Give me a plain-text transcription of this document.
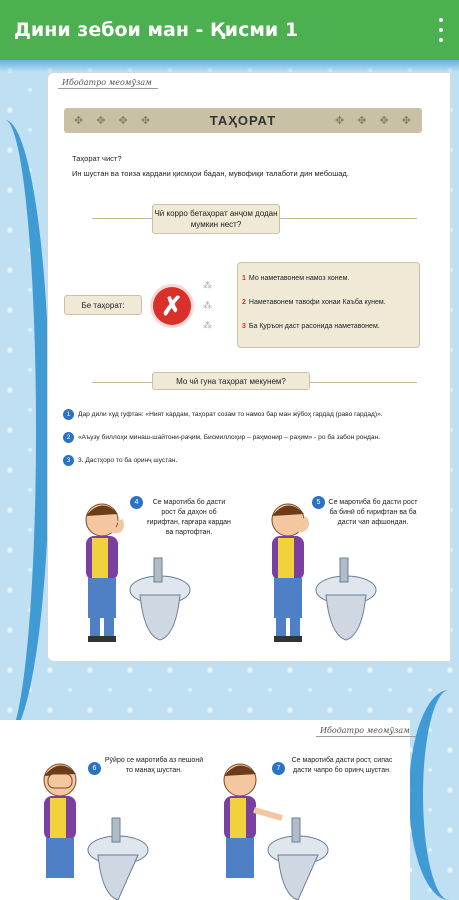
Дини зебои ман - Қисми 1
Ибодатро меомӯзам
✥ ✥ ✥ ✥	ТАҲОРАТ	✥ ✥ ✥ ✥
Таҳорат чист?
Ин шустан ва тоиза кардани қисмҳои бадан, мувофиқи талаботи дин мебошад.
Чӣ корро бетаҳорат анҷом додан мумкин нест?
Бе таҳорат:	✗
⁂
⁂
⁂
1 Мо наметавонем намоз хонем.
2 Наметавонем тавофи хонаи Каъба кунем.
3 Ба Қуръон даст расонида наметавонем.
Мо чӣ гуна таҳорат мекунем?
1	Дар дили худ гуфтан: «Ният кардам, таҳорат созам то намоз бар ман жӯбоҳ гардад (раво гардад)».
2	«Аъузу биллоҳи минаш-шайтони-раҷим, Бисмиллоҳир – раҳмонир – раҳим» - ро ба забон рондан.
3	3. Дастҳоро то ба оринҷ шустан.
4	Се маротиба бо дасти рост ба даҳон об ғирифтан, ғарғара кардан ва партофтан.
5	Се маротиба бо дасти рост ба бинӣ об ғирифтан ва ба дасти чап афшондан.
Ибодатро меомӯзам
6
Рӯйро се маротиба аз пешонӣ то манаҳ шустан.	7
Се маротиба дасти рост, сипас дасти чапро бо оринҷ шустан.
